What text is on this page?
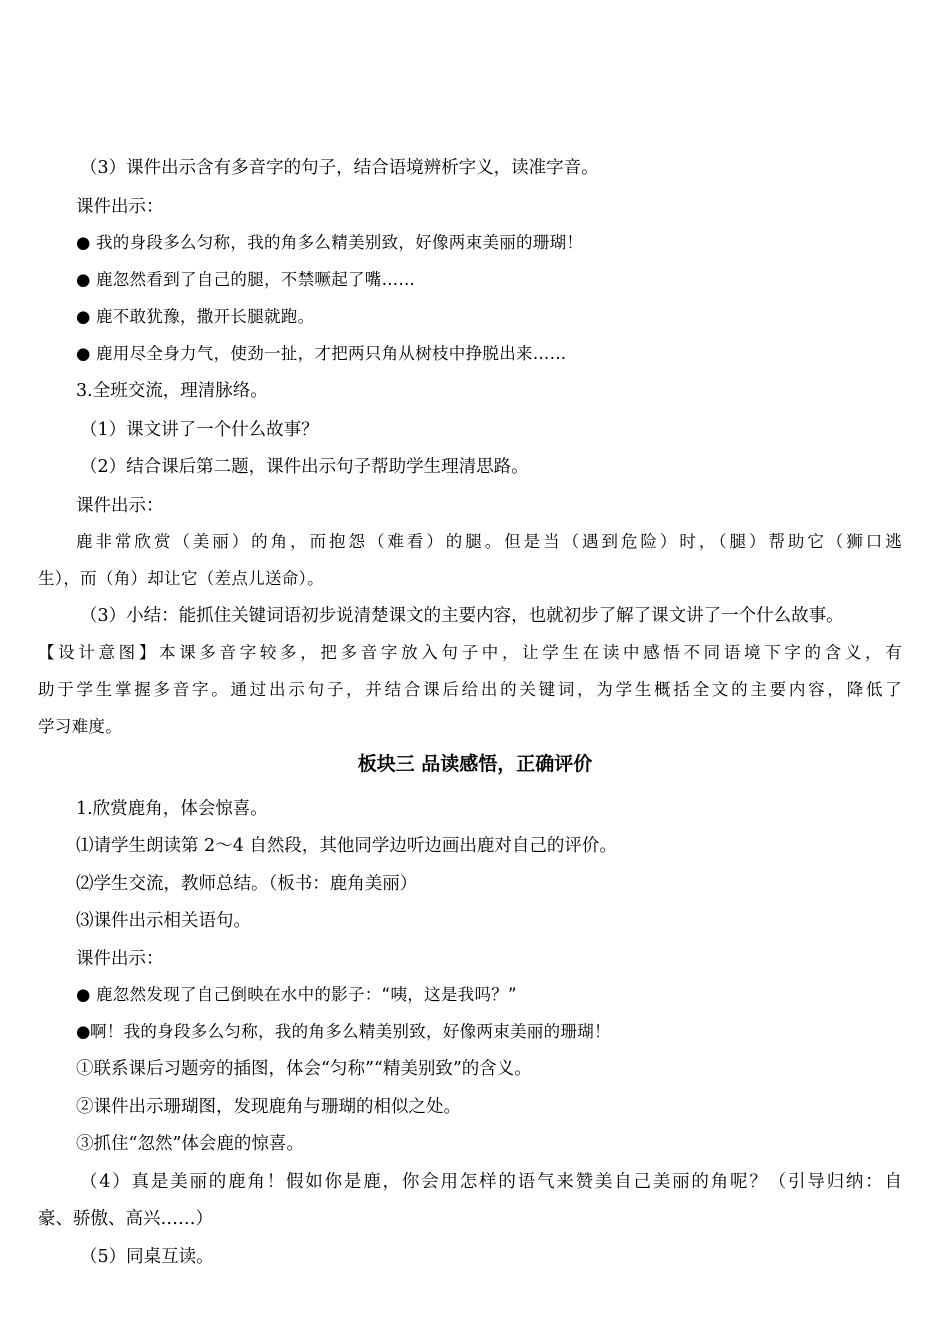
（3）课件出示含有多音字的句子，结合语境辨析字义，读准字音。
课件出示：
● 我的身段多么匀称，我的角多么精美别致，好像两束美丽的珊瑚！
● 鹿忽然看到了自己的腿，不禁噘起了嘴……
● 鹿不敢犹豫，撒开长腿就跑。
● 鹿用尽全身力气，使劲一扯，才把两只角从树枝中挣脱出来……
3.全班交流，理清脉络。
（1）课文讲了一个什么故事？
（2）结合课后第二题，课件出示句子帮助学生理清思路。
课件出示：
鹿非常欣赏（美丽）的角，而抱怨（难看）的腿。但是当（遇到危险）时，（腿）帮助它（狮口逃
生），而（角）却让它（差点儿送命）。
（3）小结：能抓住关键词语初步说清楚课文的主要内容，也就初步了解了课文讲了一个什么故事。
【设计意图】本课多音字较多，把多音字放入句子中，让学生在读中感悟不同语境下字的含义，有
助于学生掌握多音字。通过出示句子，并结合课后给出的关键词，为学生概括全文的主要内容，降低了
学习难度。
板块三 品读感悟，正确评价
1.欣赏鹿角，体会惊喜。
⑴请学生朗读第 2～4 自然段，其他同学边听边画出鹿对自己的评价。
⑵学生交流，教师总结。（板书：鹿角美丽）
⑶课件出示相关语句。
课件出示：
● 鹿忽然发现了自己倒映在水中的影子：“咦，这是我吗？”
●啊！我的身段多么匀称，我的角多么精美别致，好像两束美丽的珊瑚！
①联系课后习题旁的插图，体会“匀称”“精美别致”的含义。
②课件出示珊瑚图，发现鹿角与珊瑚的相似之处。
③抓住“忽然”体会鹿的惊喜。
（4）真是美丽的鹿角！假如你是鹿，你会用怎样的语气来赞美自己美丽的角呢？（引导归纳：自
豪、骄傲、高兴……）
（5）同桌互读。
